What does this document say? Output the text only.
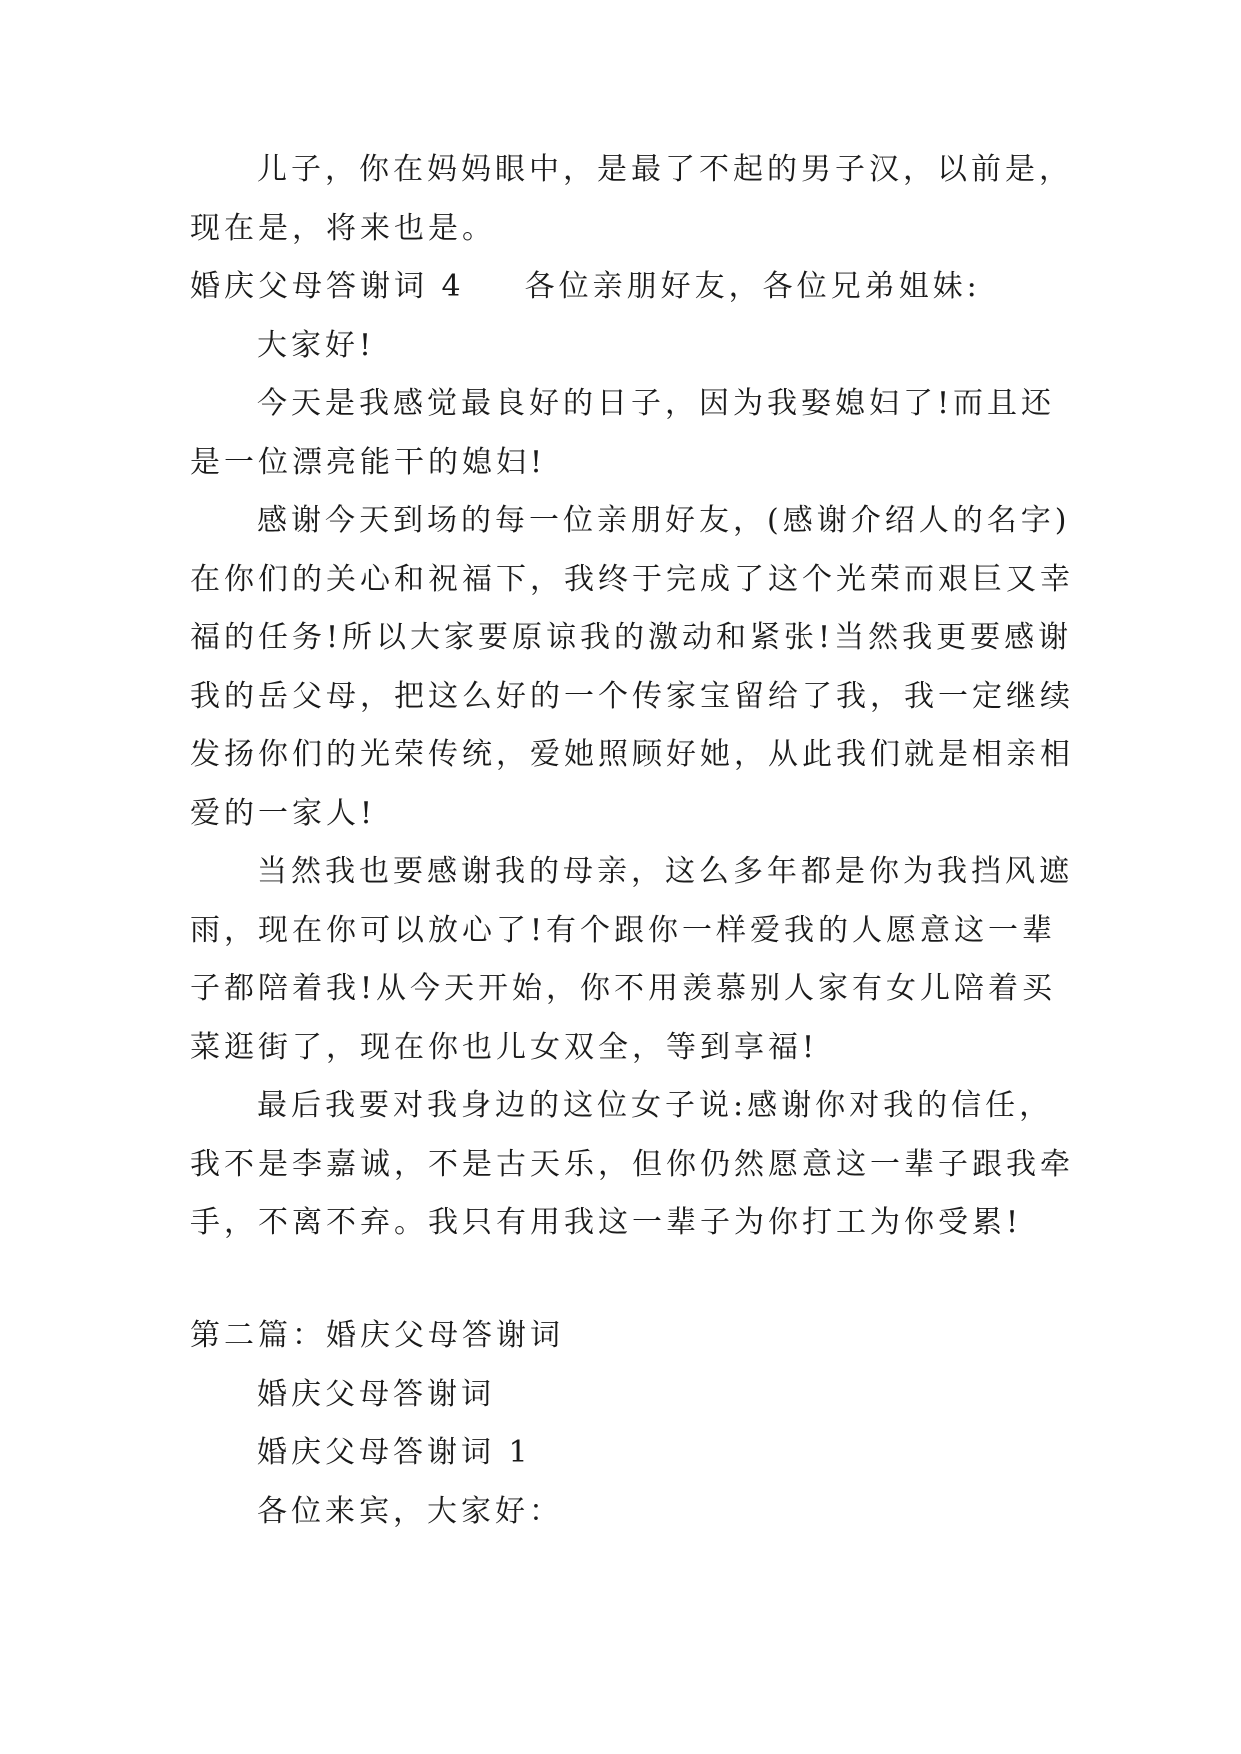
儿子，你在妈妈眼中，是最了不起的男子汉，以前是，
现在是，将来也是。
婚庆父母答谢词 4 各位亲朋好友，各位兄弟姐妹:
大家好!
今天是我感觉最良好的日子，因为我娶媳妇了!而且还
是一位漂亮能干的媳妇!
感谢今天到场的每一位亲朋好友，(感谢介绍人的名字)
在你们的关心和祝福下，我终于完成了这个光荣而艰巨又幸
福的任务!所以大家要原谅我的激动和紧张!当然我更要感谢
我的岳父母，把这么好的一个传家宝留给了我，我一定继续
发扬你们的光荣传统，爱她照顾好她，从此我们就是相亲相
爱的一家人!
当然我也要感谢我的母亲，这么多年都是你为我挡风遮
雨，现在你可以放心了!有个跟你一样爱我的人愿意这一辈
子都陪着我!从今天开始，你不用羡慕别人家有女儿陪着买
菜逛街了，现在你也儿女双全，等到享福!
最后我要对我身边的这位女子说:感谢你对我的信任，
我不是李嘉诚，不是古天乐，但你仍然愿意这一辈子跟我牵
手，不离不弃。我只有用我这一辈子为你打工为你受累!
第二篇：婚庆父母答谢词
婚庆父母答谢词
婚庆父母答谢词 1
各位来宾，大家好：
